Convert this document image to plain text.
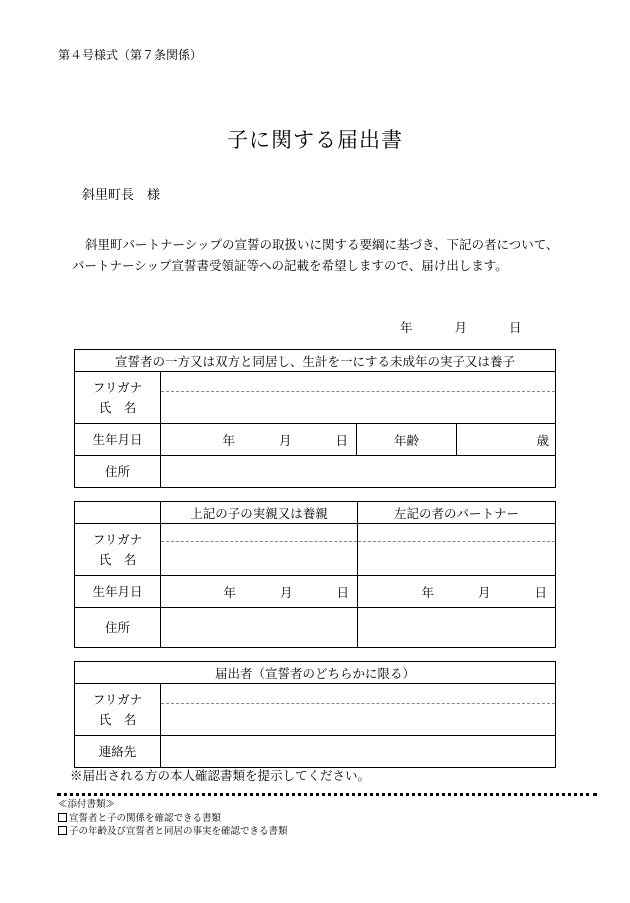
第４号様式（第７条関係）
子に関する届出書
斜里町長　様
斜里町パートナーシップの宣誓の取扱いに関する要綱に基づき、下記の者について、パートナーシップ宣誓書受領証等への記載を希望しますので、届け出します。
年	月	日
宣誓者の一方又は双方と同居し、生計を一にする未成年の実子又は養子			

フリガナ
氏　名			

生年月日	年 月 日	年齢	歳
住所			
	上記の子の実親又は養親	左記の者のパートナー

フリガナ
氏　名		

生年月日	年 月 日	年 月 日

住所		
届出者（宣誓者のどちらかに限る）	

フリガナ
氏　名	

連絡先	
※届出される方の本人確認書類を提示してください。
≪添付書類≫
宣誓者と子の関係を確認できる書類
子の年齢及び宣誓者と同居の事実を確認できる書類
